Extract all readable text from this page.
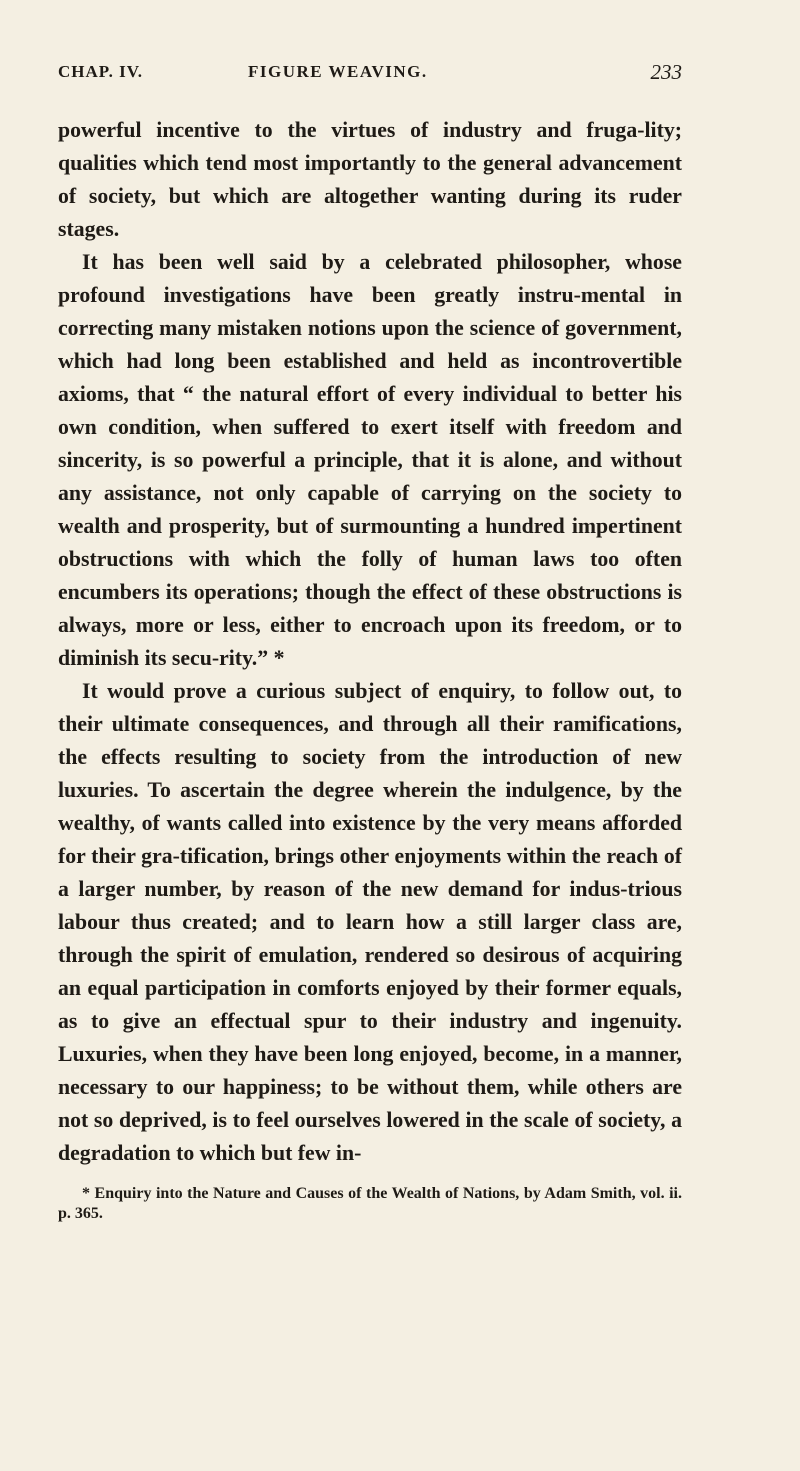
CHAP. IV.	FIGURE WEAVING.	233

powerful incentive to the virtues of industry and fruga-lity; qualities which tend most importantly to the general advancement of society, but which are altogether wanting during its ruder stages.

It has been well said by a celebrated philosopher, whose profound investigations have been greatly instru-mental in correcting many mistaken notions upon the science of government, which had long been established and held as incontrovertible axioms, that “ the natural effort of every individual to better his own condition, when suffered to exert itself with freedom and sincerity, is so powerful a principle, that it is alone, and without any assistance, not only capable of carrying on the society to wealth and prosperity, but of surmounting a hundred impertinent obstructions with which the folly of human laws too often encumbers its operations; though the effect of these obstructions is always, more or less, either to encroach upon its freedom, or to diminish its secu-rity.” *

It would prove a curious subject of enquiry, to follow out, to their ultimate consequences, and through all their ramifications, the effects resulting to society from the introduction of new luxuries. To ascertain the degree wherein the indulgence, by the wealthy, of wants called into existence by the very means afforded for their gra-tification, brings other enjoyments within the reach of a larger number, by reason of the new demand for indus-trious labour thus created; and to learn how a still larger class are, through the spirit of emulation, rendered so desirous of acquiring an equal participation in comforts enjoyed by their former equals, as to give an effectual spur to their industry and ingenuity. Luxuries, when they have been long enjoyed, become, in a manner, necessary to our happiness; to be without them, while others are not so deprived, is to feel ourselves lowered in the scale of society, a degradation to which but few in-

* Enquiry into the Nature and Causes of the Wealth of Nations, by Adam Smith, vol. ii. p. 365.
